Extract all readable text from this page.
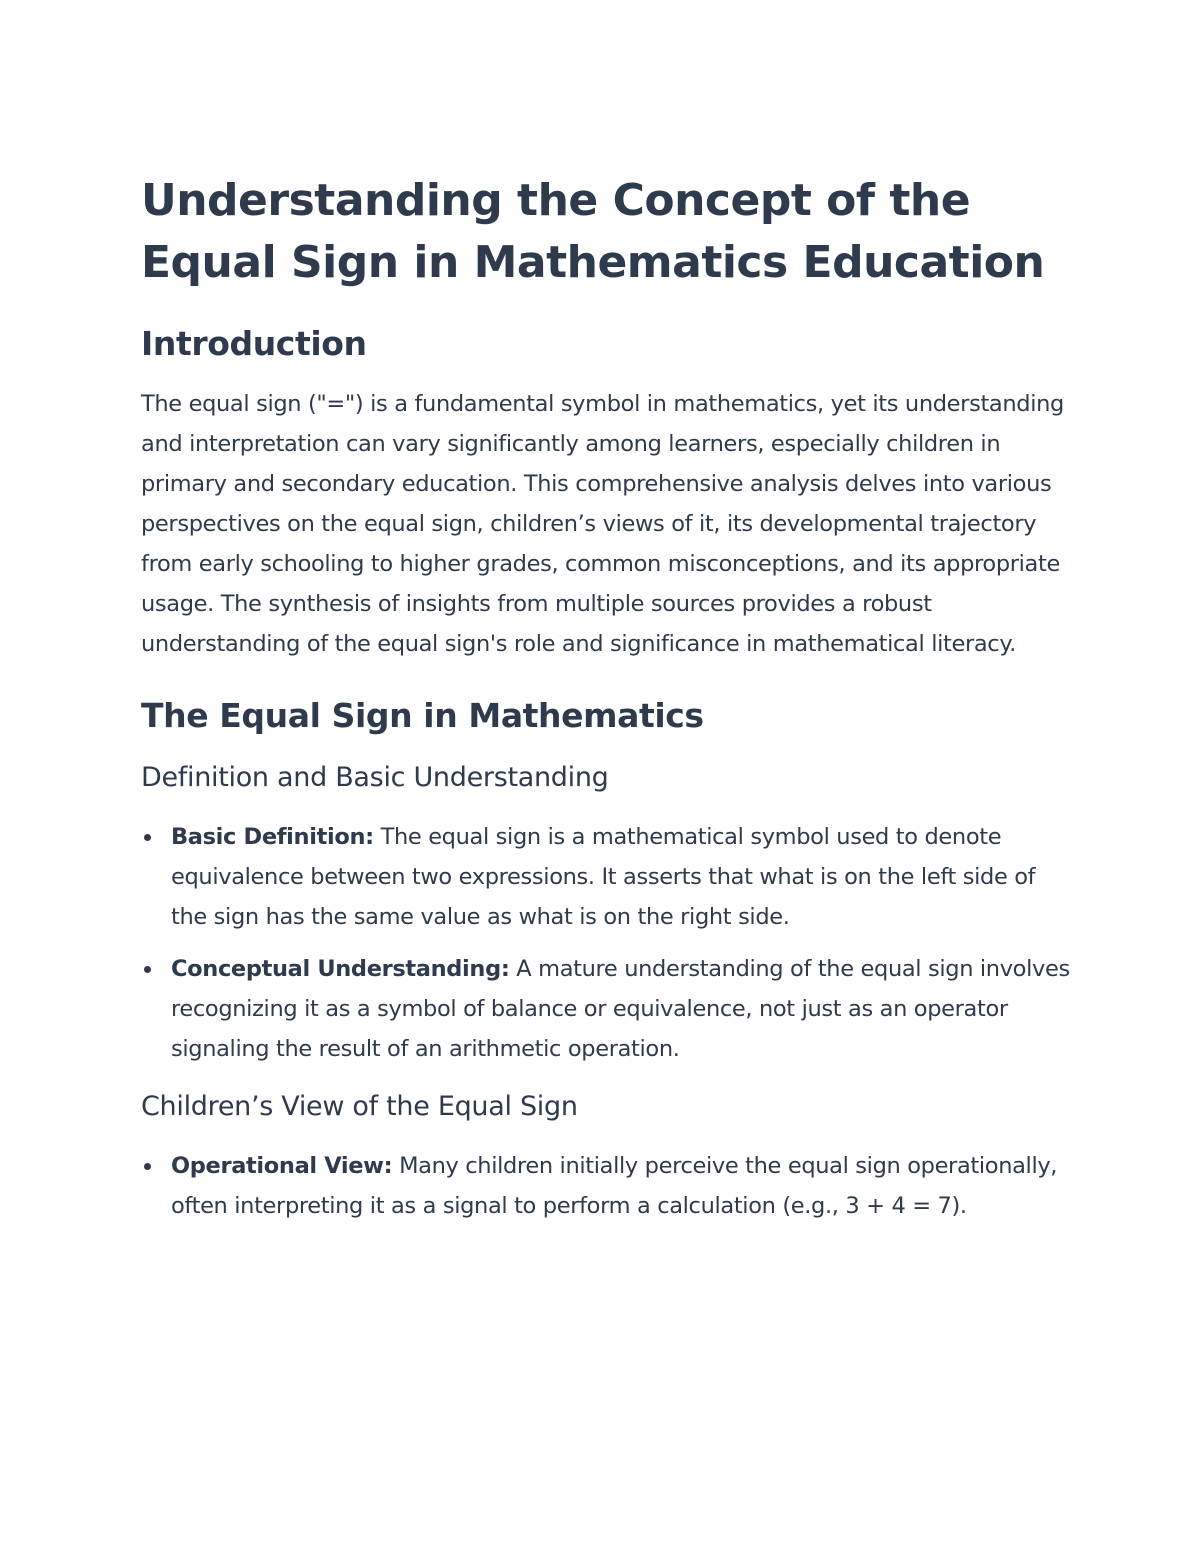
Understanding the Concept of the
Equal Sign in Mathematics Education
Introduction

The equal sign ("=") is a fundamental symbol in mathematics, yet its understanding and interpretation can vary significantly among learners, especially children in primary and secondary education. This comprehensive analysis delves into various perspectives on the equal sign, children’s views of it, its developmental trajectory from early schooling to higher grades, common misconceptions, and its appropriate usage. The synthesis of insights from multiple sources provides a robust understanding of the equal sign's role and significance in mathematical literacy.

The Equal Sign in Mathematics
Definition and Basic Understanding
Basic Definition: The equal sign is a mathematical symbol used to denote equivalence between two expressions. It asserts that what is on the left side of the sign has the same value as what is on the right side.
Conceptual Understanding: A mature understanding of the equal sign involves recognizing it as a symbol of balance or equivalence, not just as an operator signaling the result of an arithmetic operation.
Children’s View of the Equal Sign
Operational View: Many children initially perceive the equal sign operationally, often interpreting it as a signal to perform a calculation (e.g., 3 + 4 = 7).
